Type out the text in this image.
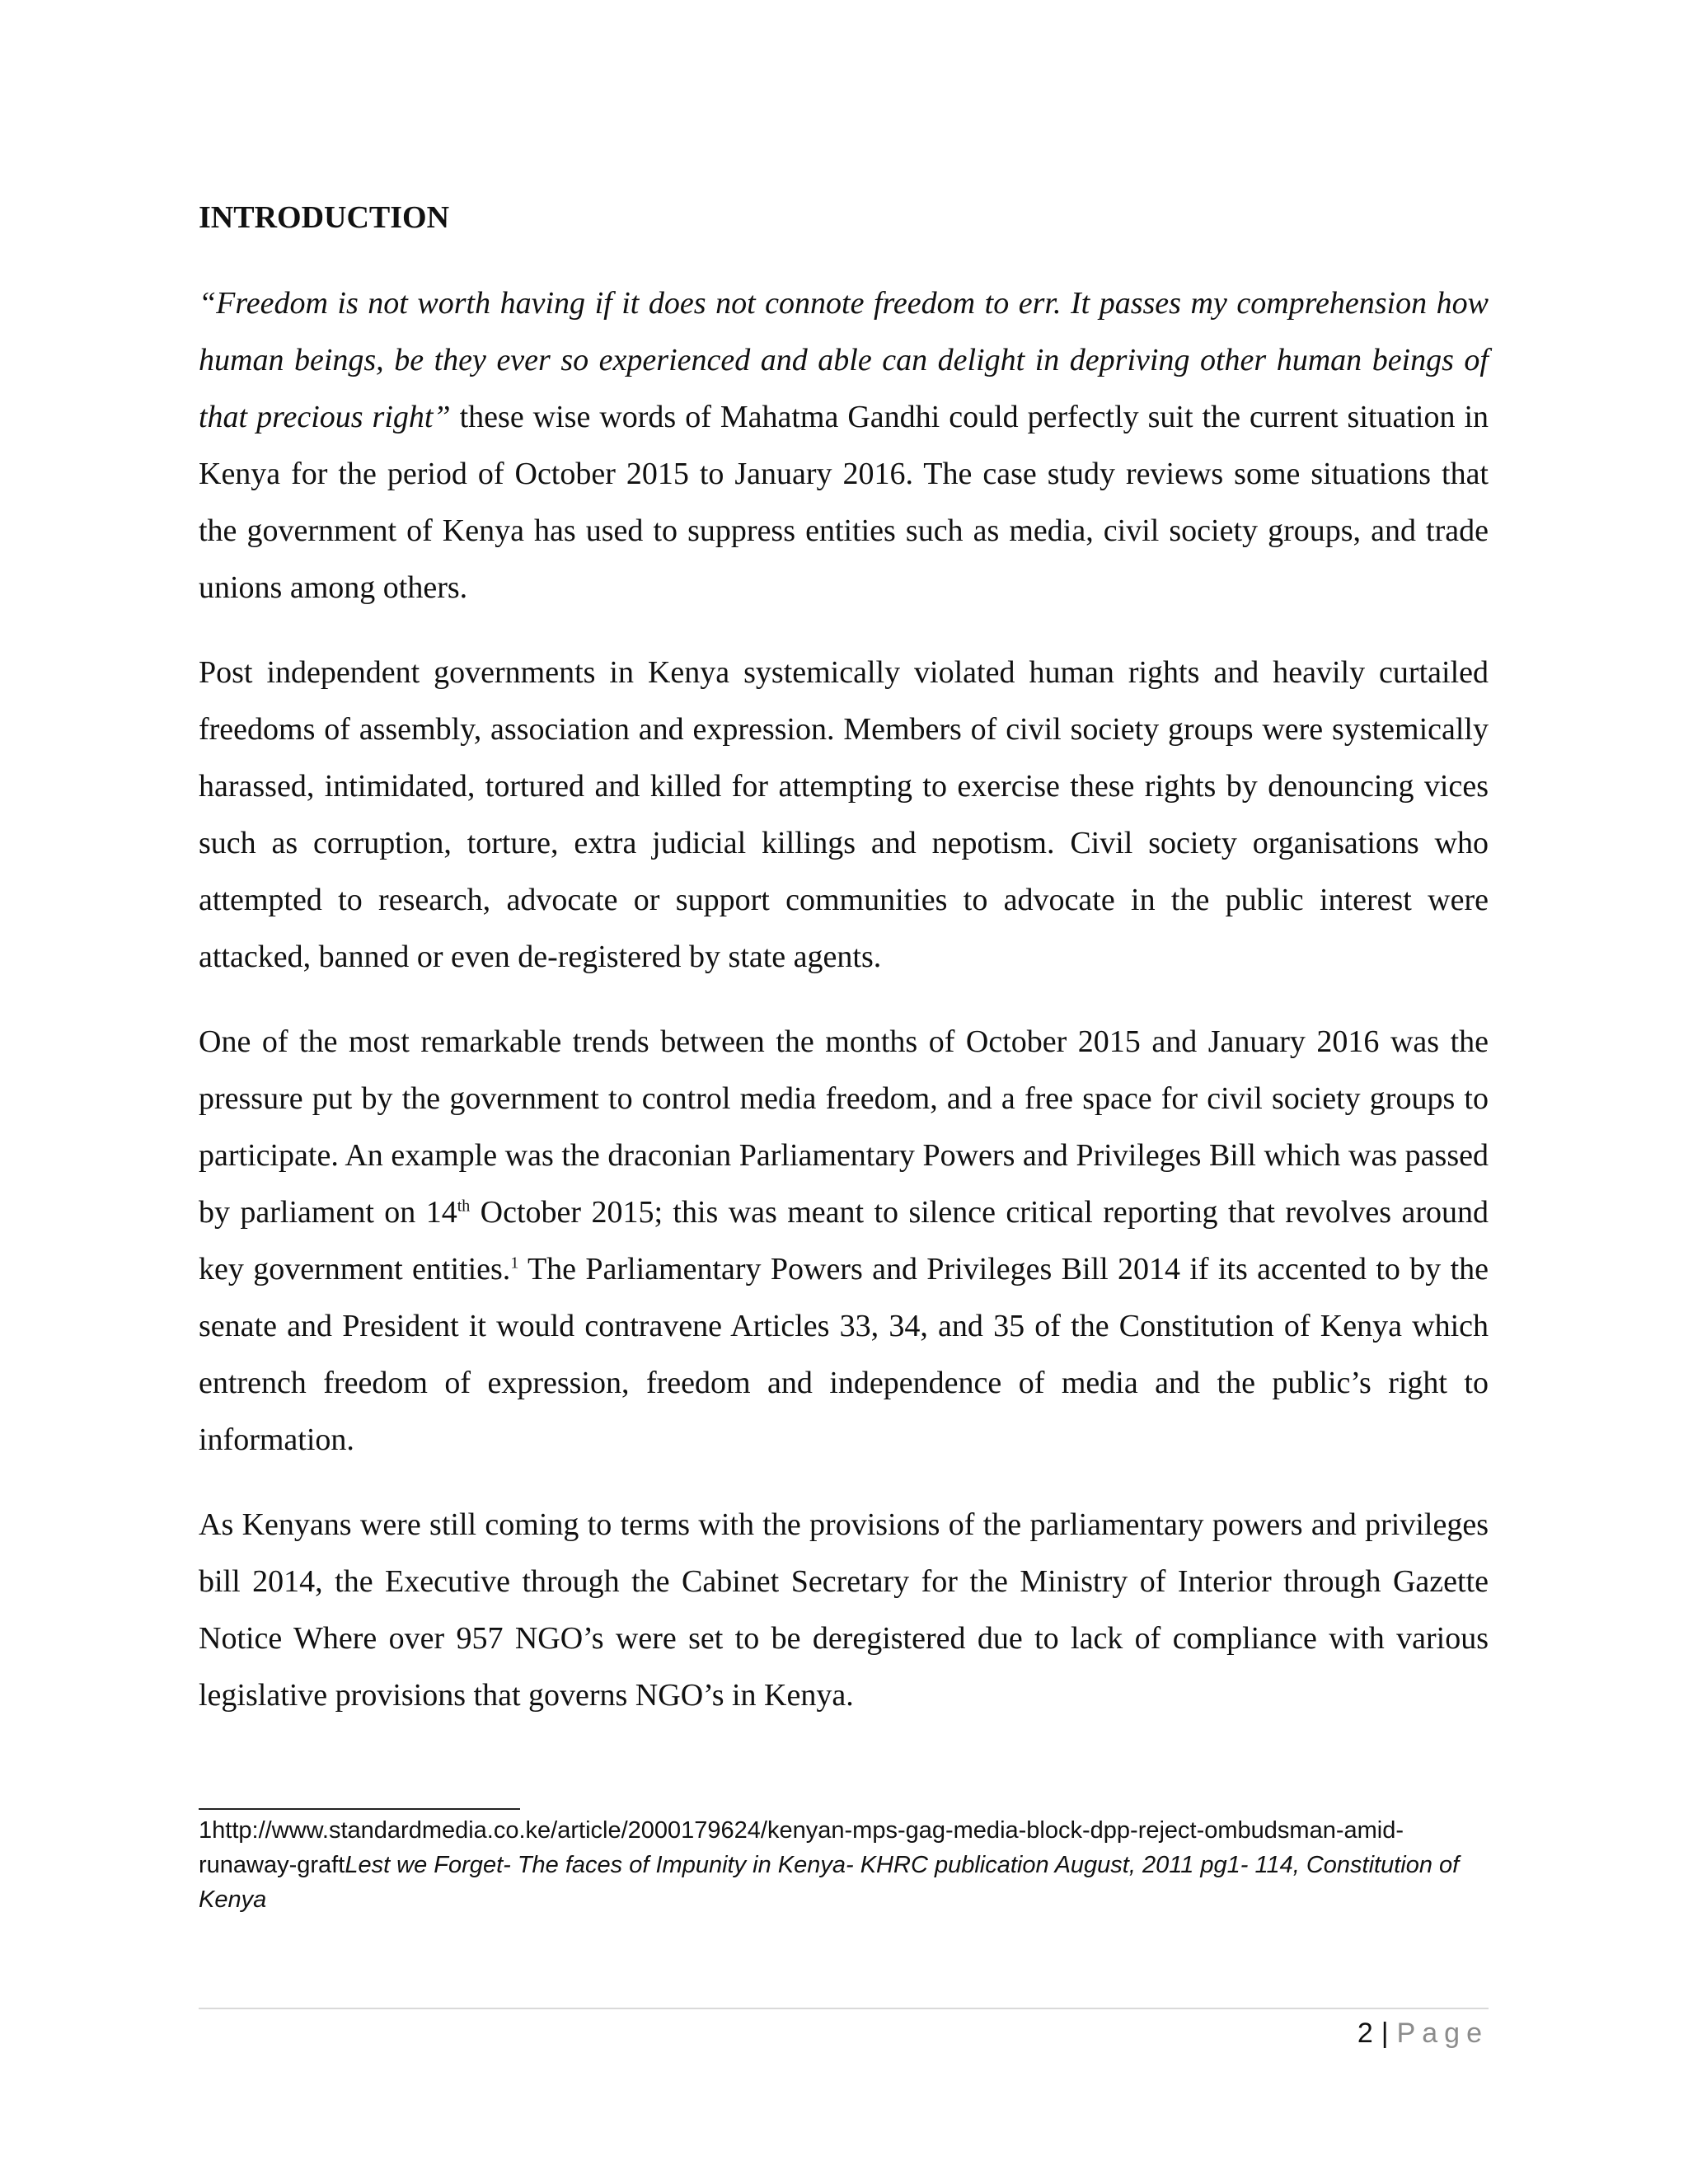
INTRODUCTION

“Freedom is not worth having if it does not connote freedom to err. It passes my comprehension how human beings, be they ever so experienced and able can delight in depriving other human beings of that precious right” these wise words of Mahatma Gandhi could perfectly suit the current situation in Kenya for the period of October 2015 to January 2016. The case study reviews some situations that the government of Kenya has used to suppress entities such as media, civil society groups, and trade unions among others.

Post independent governments in Kenya systemically violated human rights and heavily curtailed freedoms of assembly, association and expression. Members of civil society groups were systemically harassed, intimidated, tortured and killed for attempting to exercise these rights by denouncing vices such as corruption, torture, extra judicial killings and nepotism. Civil society organisations who attempted to research, advocate or support communities to advocate in the public interest were attacked, banned or even de-registered by state agents.

One of the most remarkable trends between the months of October 2015 and January 2016 was the pressure put by the government to control media freedom, and a free space for civil society groups to participate. An example was the draconian Parliamentary Powers and Privileges Bill which was passed by parliament on 14th October 2015; this was meant to silence critical reporting that revolves around key government entities.$^1$ The Parliamentary Powers and Privileges Bill 2014 if its accented to by the senate and President it would contravene Articles 33, 34, and 35 of the Constitution of Kenya which entrench freedom of expression, freedom and independence of media and the public’s right to information.

As Kenyans were still coming to terms with the provisions of the parliamentary powers and privileges bill 2014, the Executive through the Cabinet Secretary for the Ministry of Interior through Gazette Notice Where over 957 NGO’s were set to be deregistered due to lack of compliance with various legislative provisions that governs NGO’s in Kenya.

1http://www.standardmedia.co.ke/article/2000179624/kenyan-mps-gag-media-block-dpp-reject-ombudsman-amid-runaway-graftLest we Forget- The faces of Impunity in Kenya- KHRC publication August, 2011 pg1- 114, Constitution of Kenya
2 | Page
